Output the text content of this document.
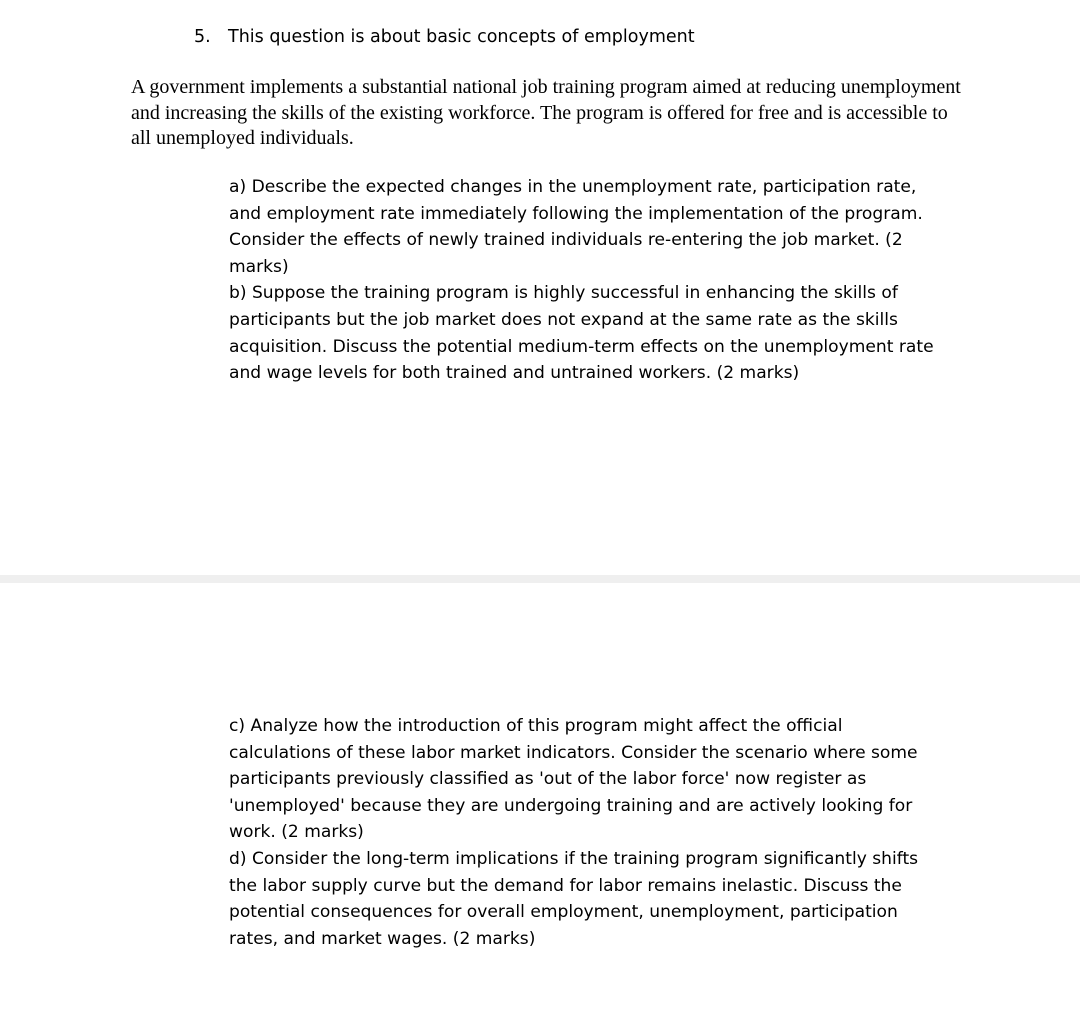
5. This question is about basic concepts of employment

A government implements a substantial national job training program aimed at reducing unemployment and increasing the skills of the existing workforce. The program is offered for free and is accessible to all unemployed individuals.

a) Describe the expected changes in the unemployment rate, participation rate, and employment rate immediately following the implementation of the program. Consider the effects of newly trained individuals re-entering the job market. (2 marks)

b) Suppose the training program is highly successful in enhancing the skills of participants but the job market does not expand at the same rate as the skills acquisition. Discuss the potential medium-term effects on the unemployment rate and wage levels for both trained and untrained workers. (2 marks)

c) Analyze how the introduction of this program might affect the official calculations of these labor market indicators. Consider the scenario where some participants previously classified as 'out of the labor force' now register as 'unemployed' because they are undergoing training and are actively looking for work. (2 marks)

d) Consider the long-term implications if the training program significantly shifts the labor supply curve but the demand for labor remains inelastic. Discuss the potential consequences for overall employment, unemployment, participation rates, and market wages. (2 marks)
